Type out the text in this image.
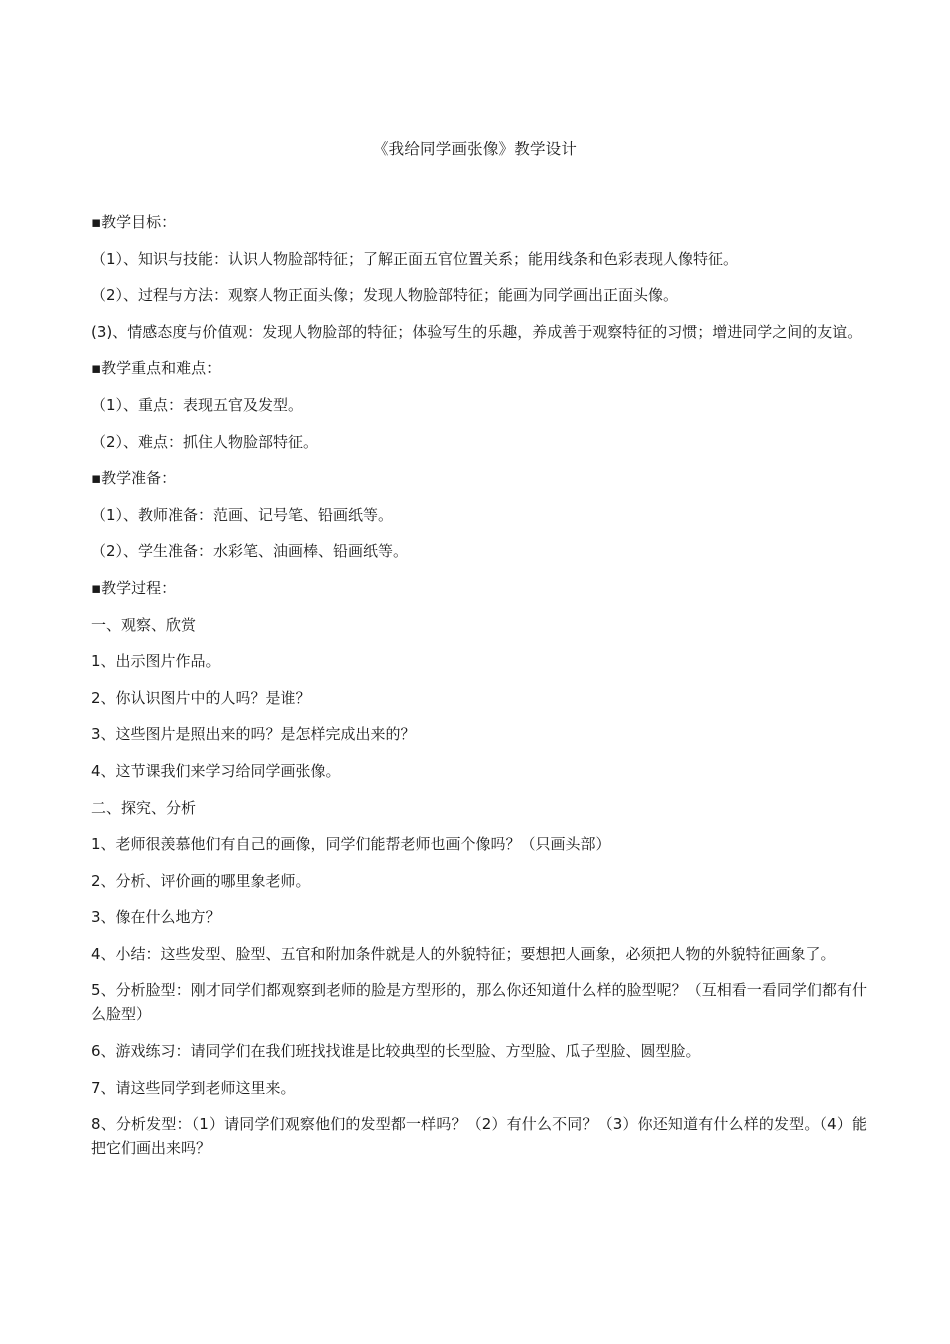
《我给同学画张像》教学设计
▪教学目标：
（1）、知识与技能：认识人物脸部特征；了解正面五官位置关系；能用线条和色彩表现人像特征。
（2）、过程与方法：观察人物正面头像；发现人物脸部特征；能画为同学画出正面头像。
(3)、情感态度与价值观：发现人物脸部的特征；体验写生的乐趣，养成善于观察特征的习惯；增进同学之间的友谊。
▪教学重点和难点：
（1）、重点：表现五官及发型。
（2）、难点：抓住人物脸部特征。
▪教学准备：
（1）、教师准备：范画、记号笔、铅画纸等。
（2）、学生准备：水彩笔、油画棒、铅画纸等。
▪教学过程：
一、观察、欣赏
1、出示图片作品。
2、你认识图片中的人吗？是谁？
3、这些图片是照出来的吗？是怎样完成出来的？
4、这节课我们来学习给同学画张像。
二、探究、分析
1、老师很羡慕他们有自己的画像，同学们能帮老师也画个像吗？（只画头部）
2、分析、评价画的哪里象老师。
3、像在什么地方？
4、小结：这些发型、脸型、五官和附加条件就是人的外貌特征；要想把人画象，必须把人物的外貌特征画象了。
5、分析脸型：刚才同学们都观察到老师的脸是方型形的，那么你还知道什么样的脸型呢？（互相看一看同学们都有什么脸型）
6、游戏练习：请同学们在我们班找找谁是比较典型的长型脸、方型脸、瓜子型脸、圆型脸。
7、请这些同学到老师这里来。
8、分析发型：（1）请同学们观察他们的发型都一样吗？（2）有什么不同？（3）你还知道有什么样的发型。（4）能把它们画出来吗？
